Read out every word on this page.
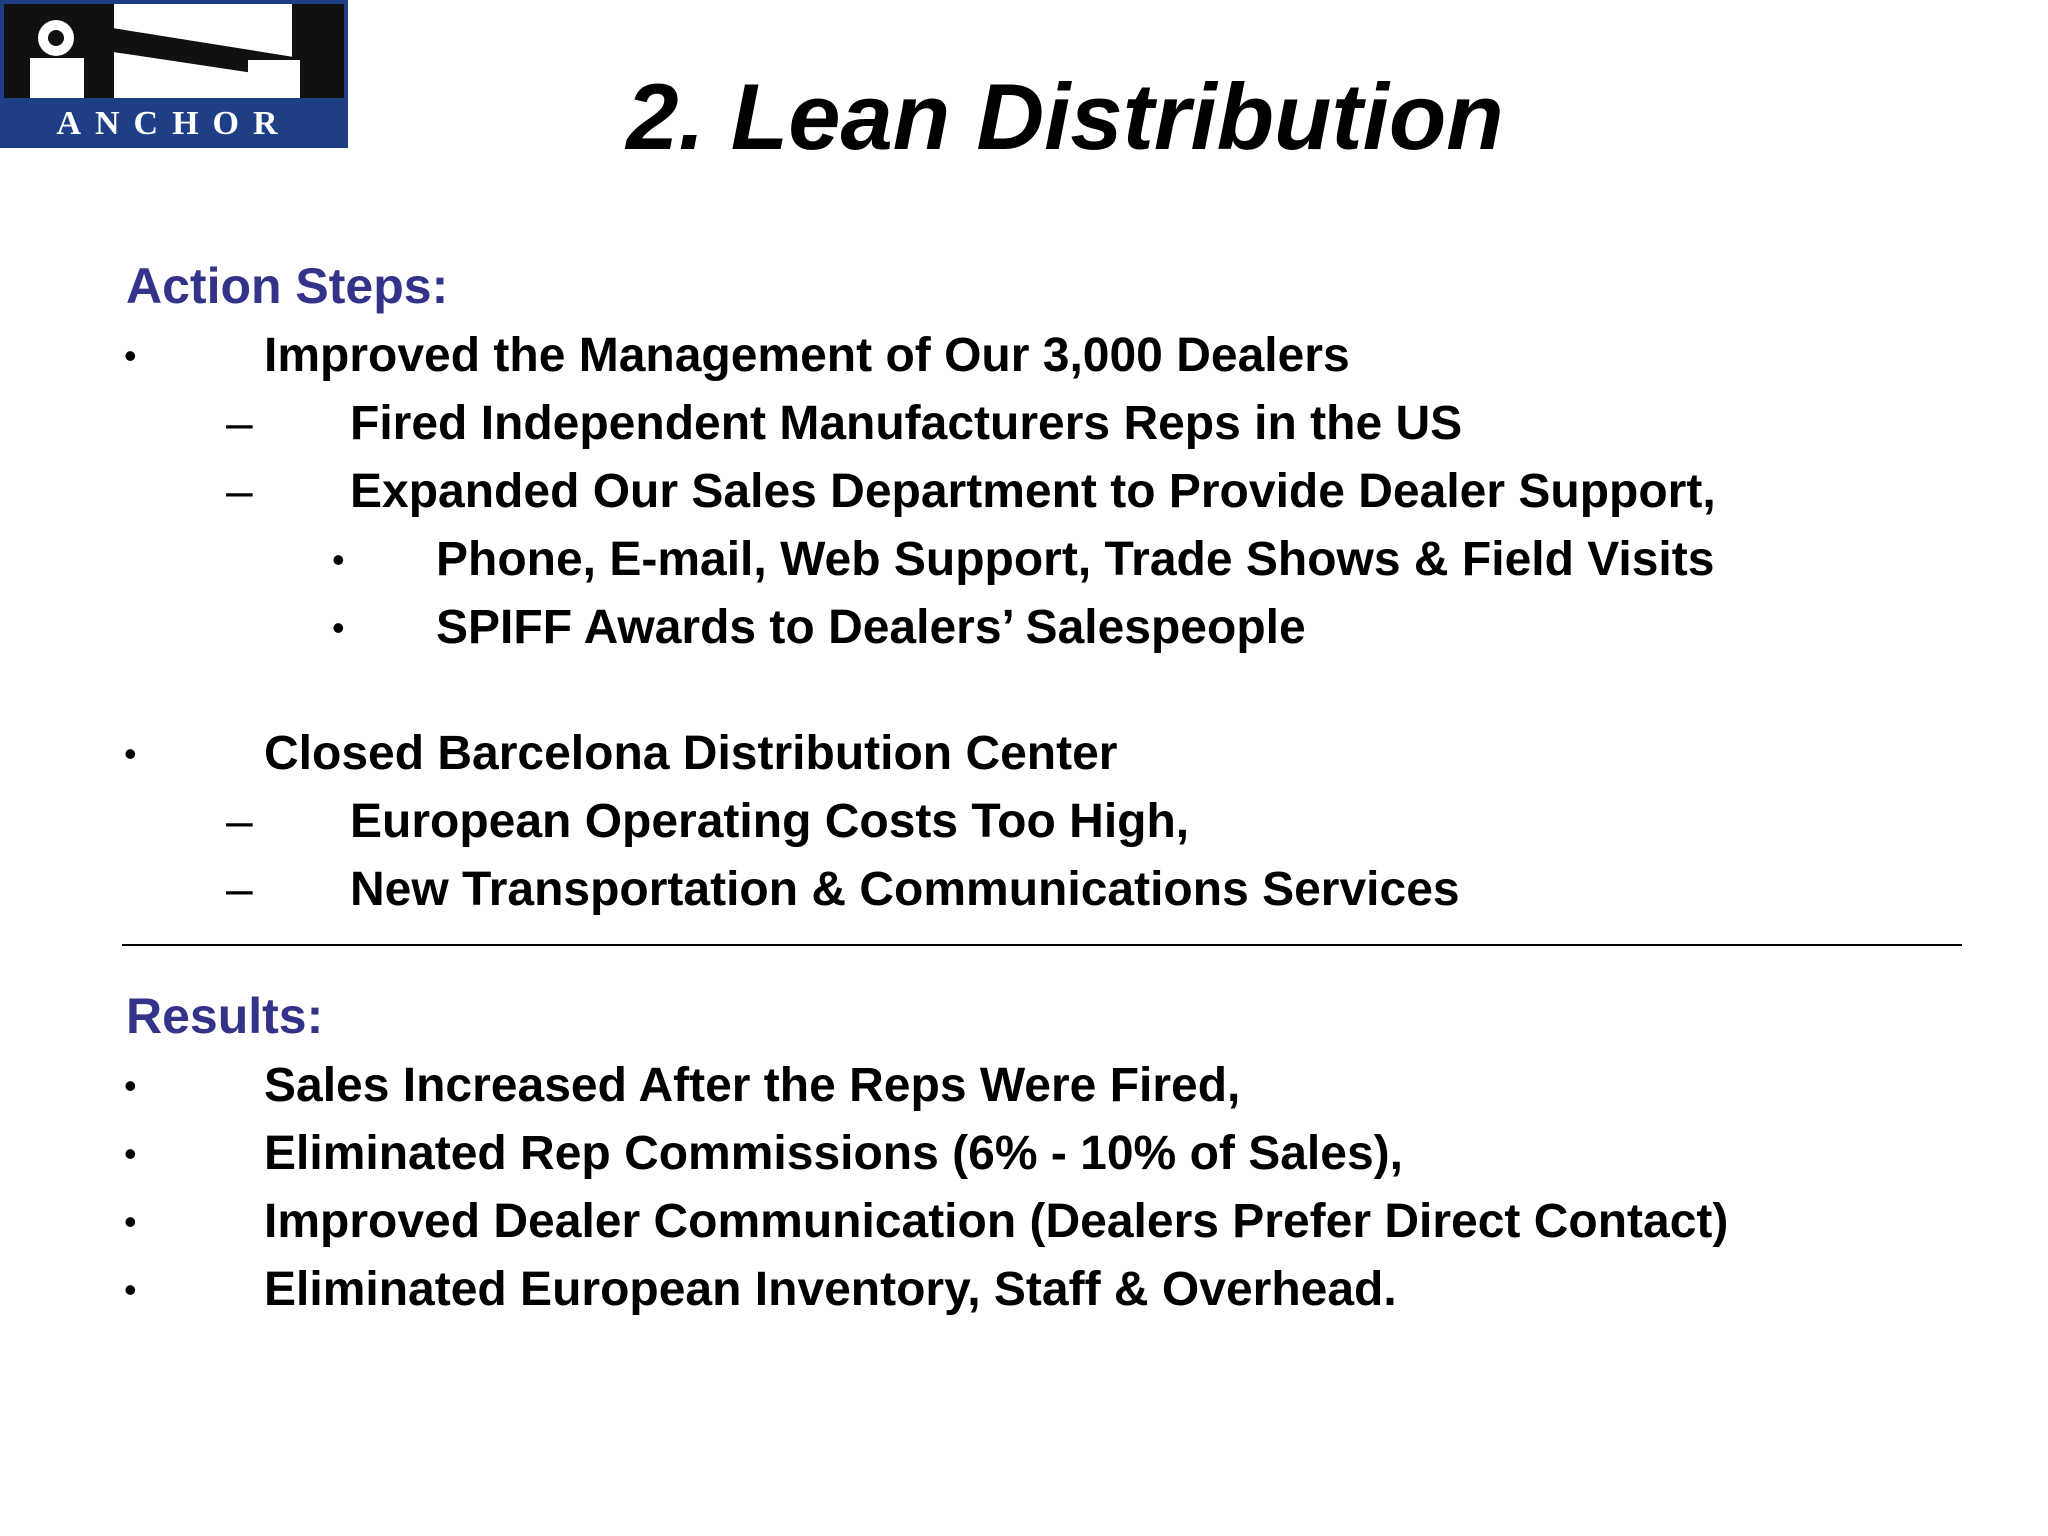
ANCHOR	2. Lean Distribution
Action Steps:
•	Improved the Management of Our 3,000 Dealers
– Fired Independent Manufacturers Reps in the US
– Expanded Our Sales Department to Provide Dealer Support,
• Phone, E-mail, Web Support, Trade Shows & Field Visits
• SPIFF Awards to Dealers’ Salespeople
•	Closed Barcelona Distribution Center
– European Operating Costs Too High,
– New Transportation & Communications Services
Results:
•	Sales Increased After the Reps Were Fired,
•	Eliminated Rep Commissions (6% - 10% of Sales),
•	Improved Dealer Communication (Dealers Prefer Direct Contact)
•	Eliminated European Inventory, Staff & Overhead.
